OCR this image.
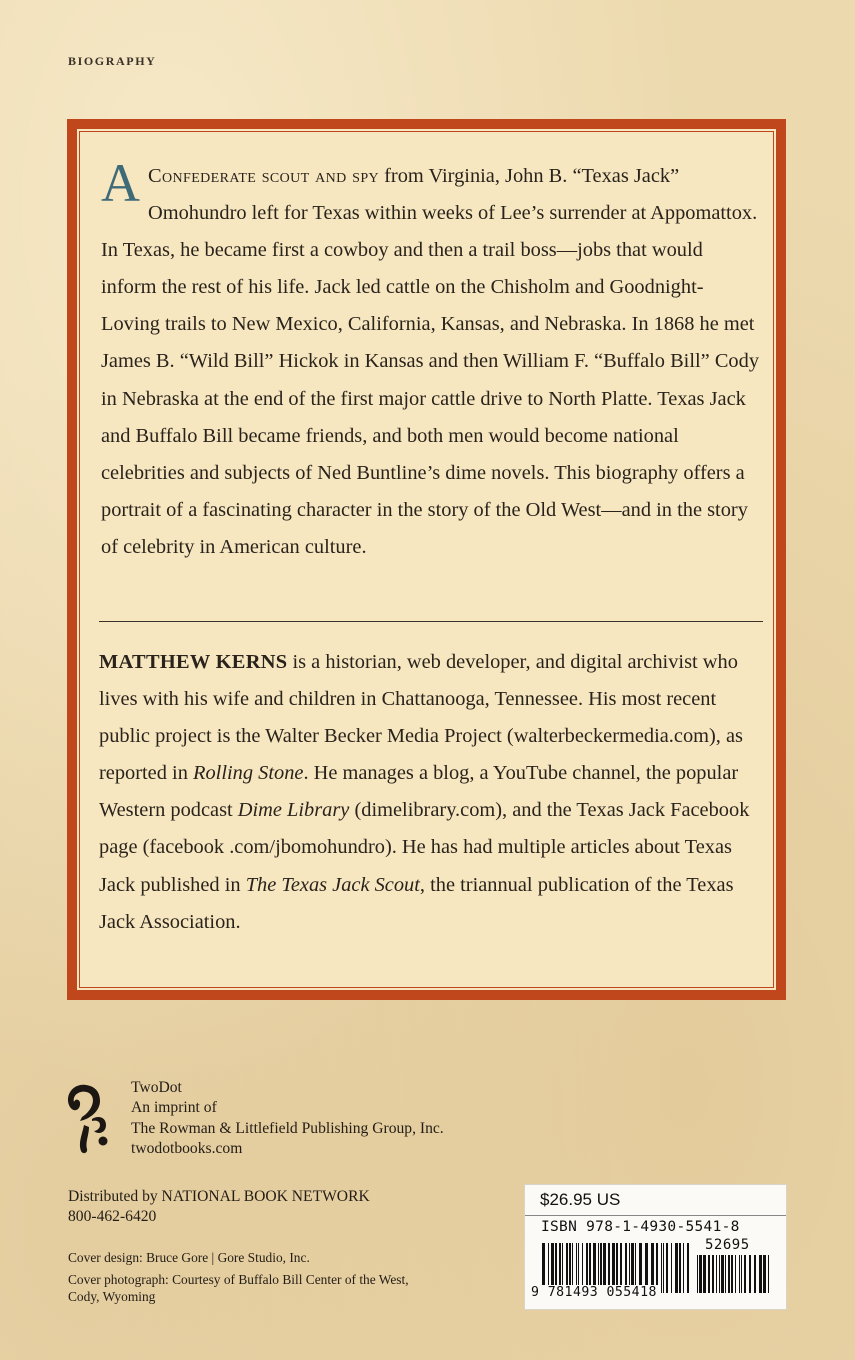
BIOGRAPHY

A Confederate scout and spy from Virginia, John B. “Texas Jack” Omohundro left for Texas within weeks of Lee’s surrender at Appomattox. In Texas, he became first a cowboy and then a trail boss—jobs that would inform the rest of his life. Jack led cattle on the Chisholm and Goodnight-Loving trails to New Mexico, California, Kansas, and Nebraska. In 1868 he met James B. “Wild Bill” Hickok in Kansas and then William F. “Buffalo Bill” Cody in Nebraska at the end of the first major cattle drive to North Platte. Texas Jack and Buffalo Bill became friends, and both men would become national celebrities and subjects of Ned Buntline’s dime novels. This biography offers a portrait of a fascinating character in the story of the Old West—and in the story of celebrity in American culture.

MATTHEW KERNS is a historian, web developer, and digital archivist who lives with his wife and children in Chattanooga, Tennessee. His most recent public project is the Walter Becker Media Project (walterbeckermedia.com), as reported in Rolling Stone. He manages a blog, a YouTube channel, the popular Western podcast Dime Library (dimelibrary.com), and the Texas Jack Facebook page (facebook .com/jbomohundro). He has had multiple articles about Texas Jack published in The Texas Jack Scout, the triannual publication of the Texas Jack Association.

TwoDot
An imprint of
The Rowman & Littlefield Publishing Group, Inc.
twodotbooks.com
Distributed by NATIONAL BOOK NETWORK
800-462-6420
Cover design: Bruce Gore | Gore Studio, Inc.
Cover photograph: Courtesy of Buffalo Bill Center of the West, Cody, Wyoming
$26.95 US
ISBN 978-1-4930-5541-8
52695
9 781493 055418
